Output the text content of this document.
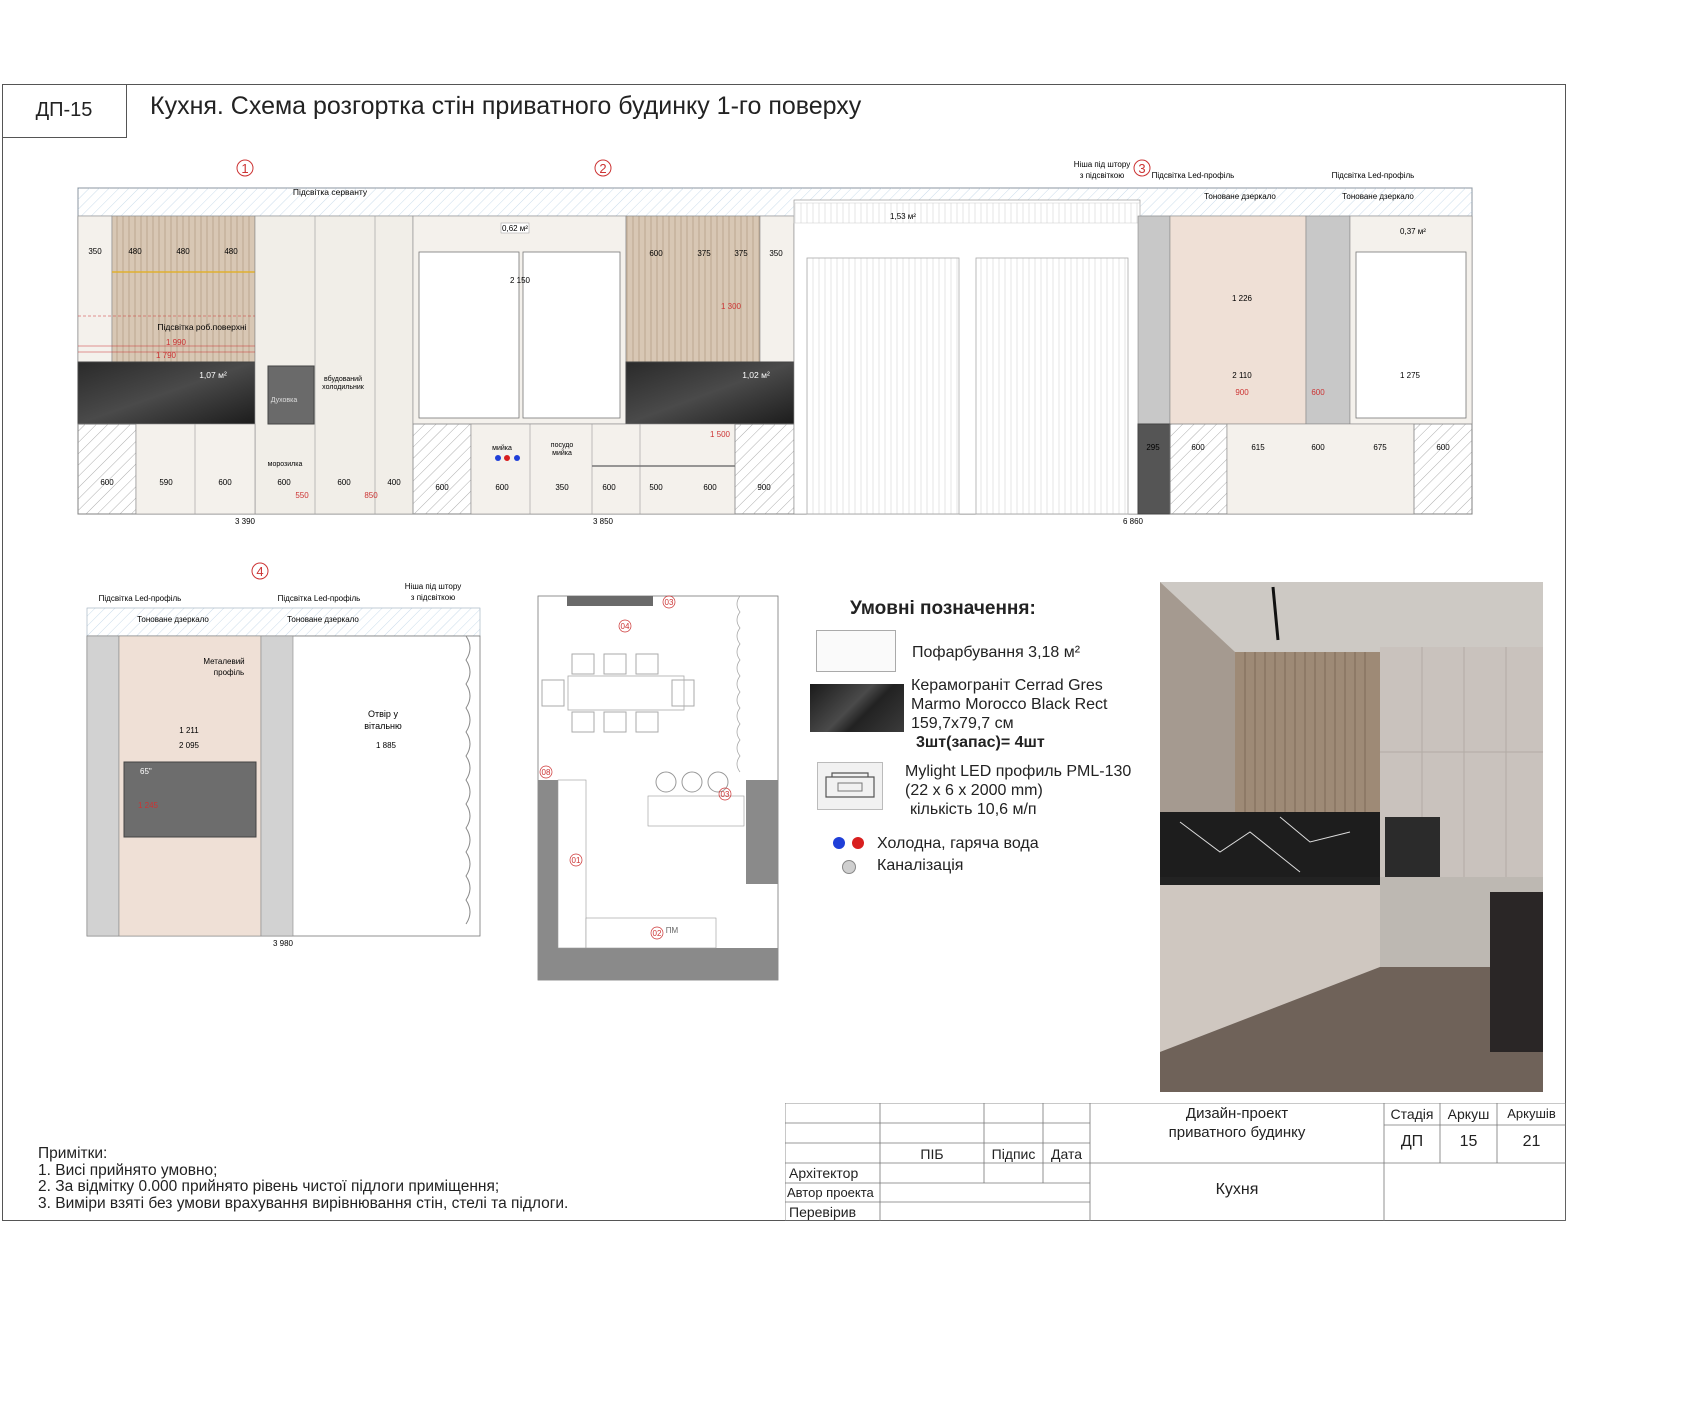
ДП-15	Кухня. Схема розгортка стін приватного будинку 1-го поверху
1	2	3
4
Підсвітка серванту
Підсвітка роб.поверхні
вбудований
холодильник
Духовка
морозилка
1,07 м²
350	480	480	480
1 990
1 790
600	590	600	600	600	400
550	850
3 390
мийка	посудо
мийка
0,62 м²
1,02 м²
2 150
600	375	375	350
1 300
1 500
600	600	350	600	500	600	900
3 850
Ніша під штору
з підсвіткою	Підсвітка Led-профіль	Підсвітка Led-профіль
Тоноване дзеркало	Тоноване дзеркало
1,53 м²
0,37 м²
1 226
2 110
900	600
1 275
295	600	615	600	675	600
6 860
65"
Підсвітка Led-профіль	Підсвітка Led-профіль
Тоноване дзеркало	Тоноване дзеркало
Ніша під штору
з підсвіткою
Металевий
профіль
Отвір у
вітальню
1 211
2 095
1 245
1 885
3 980
03
04
08
03
01
02 ПМ
Умовні позначення:
Пофарбування 3,18 м²
Керамограніт Cerrad Gres
Marmo Morocco Black Rect
159,7х79,7 см
3шт(запас)= 4шт
Mylight LED профиль PML-130
(22 x 6 x 2000 mm)
кількість 10,6 м/п
Холодна, гаряча вода
Каналізація
Примітки:
1. Висі прийнято умовно;
2. За відмітку 0.000 прийнято рівень чистої підлоги приміщення;
3. Виміри взяті без умови врахування вирівнювання стін, стелі та підлоги.
Дизайн-проект
приватного будинку
ПІБ	Підпис	Дата
Архітектор
Автор проекта
Перевірив
Стадія	Аркуш	Аркушів
ДП	15	21
Кухня
